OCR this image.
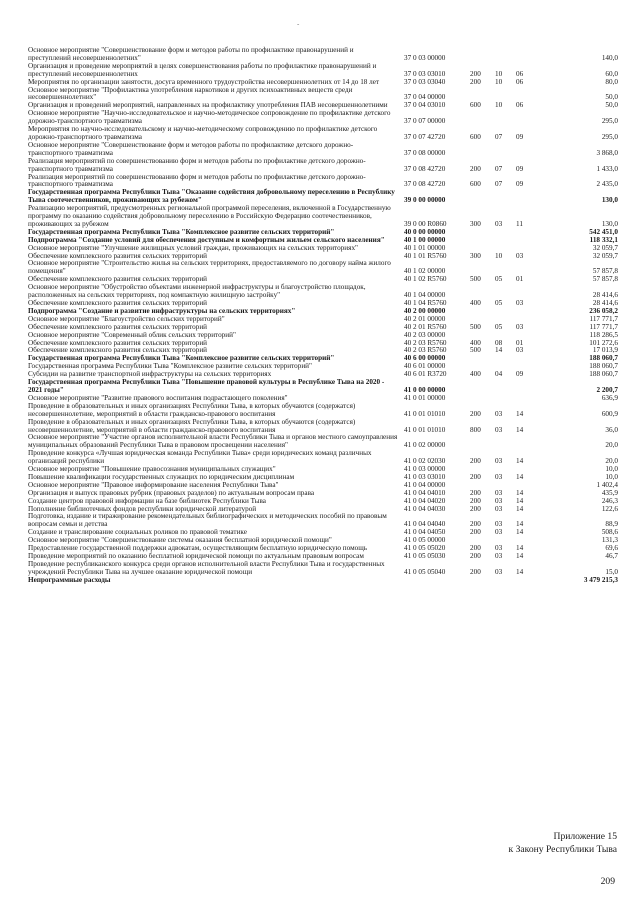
-
Основное мероприятие "Совершенствование форм и методов работы по профилактике правонарушений и преступлений несовершеннолетних"	37 0 03 00000	140,0
Организация и проведение мероприятий в целях совершенствования работы по профилактике правонарушений и преступлений несовершеннолетних	37 0 03 03010	200	10	06	60,0
Мероприятия по организации занятости, досуга временного трудоустройства несовершеннолетних от 14 до 18 лет	37 0 03 03040	200	10	06	80,0
Основное мероприятие "Профилактика употребления наркотиков и других психоактивных веществ среди несовершеннолетних"	37 0 04 00000	50,0
Организация и проведений мероприятий, направленных на профилактику употребления ПАВ несовершеннолетними	37 0 04 03010	600	10	06	50,0
Основное мероприятие "Научно-исследовательское и научно-методическое сопровождение по профилактике детского дорожно-транспортного травматизма	37 0 07 00000	295,0
Мероприятия по научно-исследовательскому и научно-методическому сопровождению по профилактике детского дорожно-транспортного травматизма	37 0 07 42720	600	07	09	295,0
Основное мероприятие "Совершенствование форм и методов работы по профилактике детского дорожно-транспортного травматизма	37 0 08 00000	3 868,0
Реализация мероприятий по совершенствованию форм и методов работы по профилактике детского дорожно-транспортного травматизма	37 0 08 42720	200	07	09	1 433,0
Реализация мероприятий по совершенствованию форм и методов работы по профилактике детского дорожно-транспортного травматизма	37 0 08 42720	600	07	09	2 435,0
Государственная программа Республики Тыва "Оказание содействия добровольному переселению в Республику Тыва соотечественников, проживающих за рубежом"	39 0 00 00000	130,0
Реализацию мероприятий, предусмотренных региональной программой переселения, включенной в Государственную программу по оказанию содействия добровольному переселению в Российскую Федерацию соотечественников, проживающих за рубежом	39 0 00 R0860	300	03	11	130,0
Государственная программа Республики Тыва "Комплексное развитие сельских территорий"	40 0 00 00000	542 451,0
Подпрограмма "Создание условий для обеспечения доступным и комфортным жильем сельского населения"	40 1 00 00000	118 332,1
Основное мероприятие "Улучшение жилищных условий граждан, проживающих на сельских территориях"	40 1 01 00000	32 059,7
Обеспечение комплексного развития сельских территорий	40 1 01 R5760	300	10	03	32 059,7
Основное мероприятие "Строительство жилья на сельских территориях, предоставляемого по договору найма жилого помещения"	40 1 02 00000	57 857,8
Обеспечение комплексного развития сельских территорий	40 1 02 R5760	500	05	01	57 857,8
Основное мероприятие "Обустройство объектами инженерной инфраструктуры и благоустройство площадок, расположенных на сельских территориях, под компактную жилищную застройку"	40 1 04 00000	28 414,6
Обеспечение комплексного развития сельских территорий	40 1 04 R5760	400	05	03	28 414,6
Подпрограмма "Создание и развитие инфраструктуры на сельских территориях"	40 2 00 00000	236 058,2
Основное мероприятие "Благоустройство сельских территорий"	40 2 01 00000	117 771,7
Обеспечение комплексного развития сельских территорий	40 2 01 R5760	500	05	03	117 771,7
Основное мероприятие "Современный облик сельских территорий"	40 2 03 00000	118 286,5
Обеспечение комплексного развития сельских территорий	40 2 03 R5760	400	08	01	101 272,6
Обеспечение комплексного развития сельских территорий	40 2 03 R5760	500	14	03	17 013,9
Государственная программа Республики Тыва "Комплексное развитие сельских территорий"	40 6 00 00000	188 060,7
Государственная программа Республики Тыва "Комплексное развитие сельских территорий"	40 6 01 00000	188 060,7
Субсидии на развитие транспортной инфраструктуры на сельских территориях	40 6 01 R3720	400	04	09	188 060,7
Государственная программа Республики Тыва "Повышение правовой культуры в Республике Тыва на 2020 - 2021 годы"	41 0 00 00000	2 200,7
Основное мероприятие "Развитие правового воспитания подрастающего поколения"	41 0 01 00000	636,9
Проведение в образовательных и иных организациях Республики Тыва, в которых обучаются (содержатся) несовершеннолетние, мероприятий в области гражданско-правового воспитания	41 0 01 01010	200	03	14	600,9
Проведение в образовательных и иных организациях Республики Тыва, в которых обучаются (содержатся) несовершеннолетние, мероприятий в области гражданско-правового воспитания	41 0 01 01010	800	03	14	36,0
Основное мероприятие "Участие органов исполнительной власти Республики Тыва и органов местного самоуправления муниципальных образований Республики Тыва в правовом просвещении населения"	41 0 02 00000	20,0
Проведение конкурса «Лучшая юридическая команда Республики Тыва» среди юридических команд различных организаций республики	41 0 02 02030	200	03	14	20,0
Основное мероприятие "Повышение правосознания муниципальных служащих"	41 0 03 00000	10,0
Повышение квалификации государственных служащих по юридическим дисциплинам	41 0 03 03010	200	03	14	10,0
Основное мероприятие "Правовое информирование населения Республики Тыва"	41 0 04 00000	1 402,4
Организация и выпуск правовых рубрик (правовых разделов) по актуальным вопросам права	41 0 04 04010	200	03	14	435,9
Создание центров правовой информации на базе библиотек Республики Тыва	41 0 04 04020	200	03	14	246,3
Пополнение библиотечных фондов республики юридической литературой	41 0 04 04030	200	03	14	122,6
Подготовка, издание и тиражирование рекомендательных библиографических и методических пособий по правовым вопросам семьи и детства	41 0 04 04040	200	03	14	88,9
Создание и транслирование социальных роликов по правовой тематике	41 0 04 04050	200	03	14	508,6
Основное мероприятие "Совершенствование системы оказания бесплатной юридической помощи"	41 0 05 00000	131,3
Предоставление государственной поддержки адвокатам, осуществляющим бесплатную юридическую помощь	41 0 05 05020	200	03	14	69,6
Проведение мероприятий по оказанию бесплатной юридической помощи по актуальным правовым вопросам	41 0 05 05030	200	03	14	46,7
Проведение республиканского конкурса среди органов исполнительной власти Республики Тыва и государственных учреждений Республики Тыва на лучшее оказание юридической помощи	41 0 05 05040	200	03	14	15,0
Непрограммные расходы	3 479 215,3
Приложение 15
к Закону Республики Тыва
209
